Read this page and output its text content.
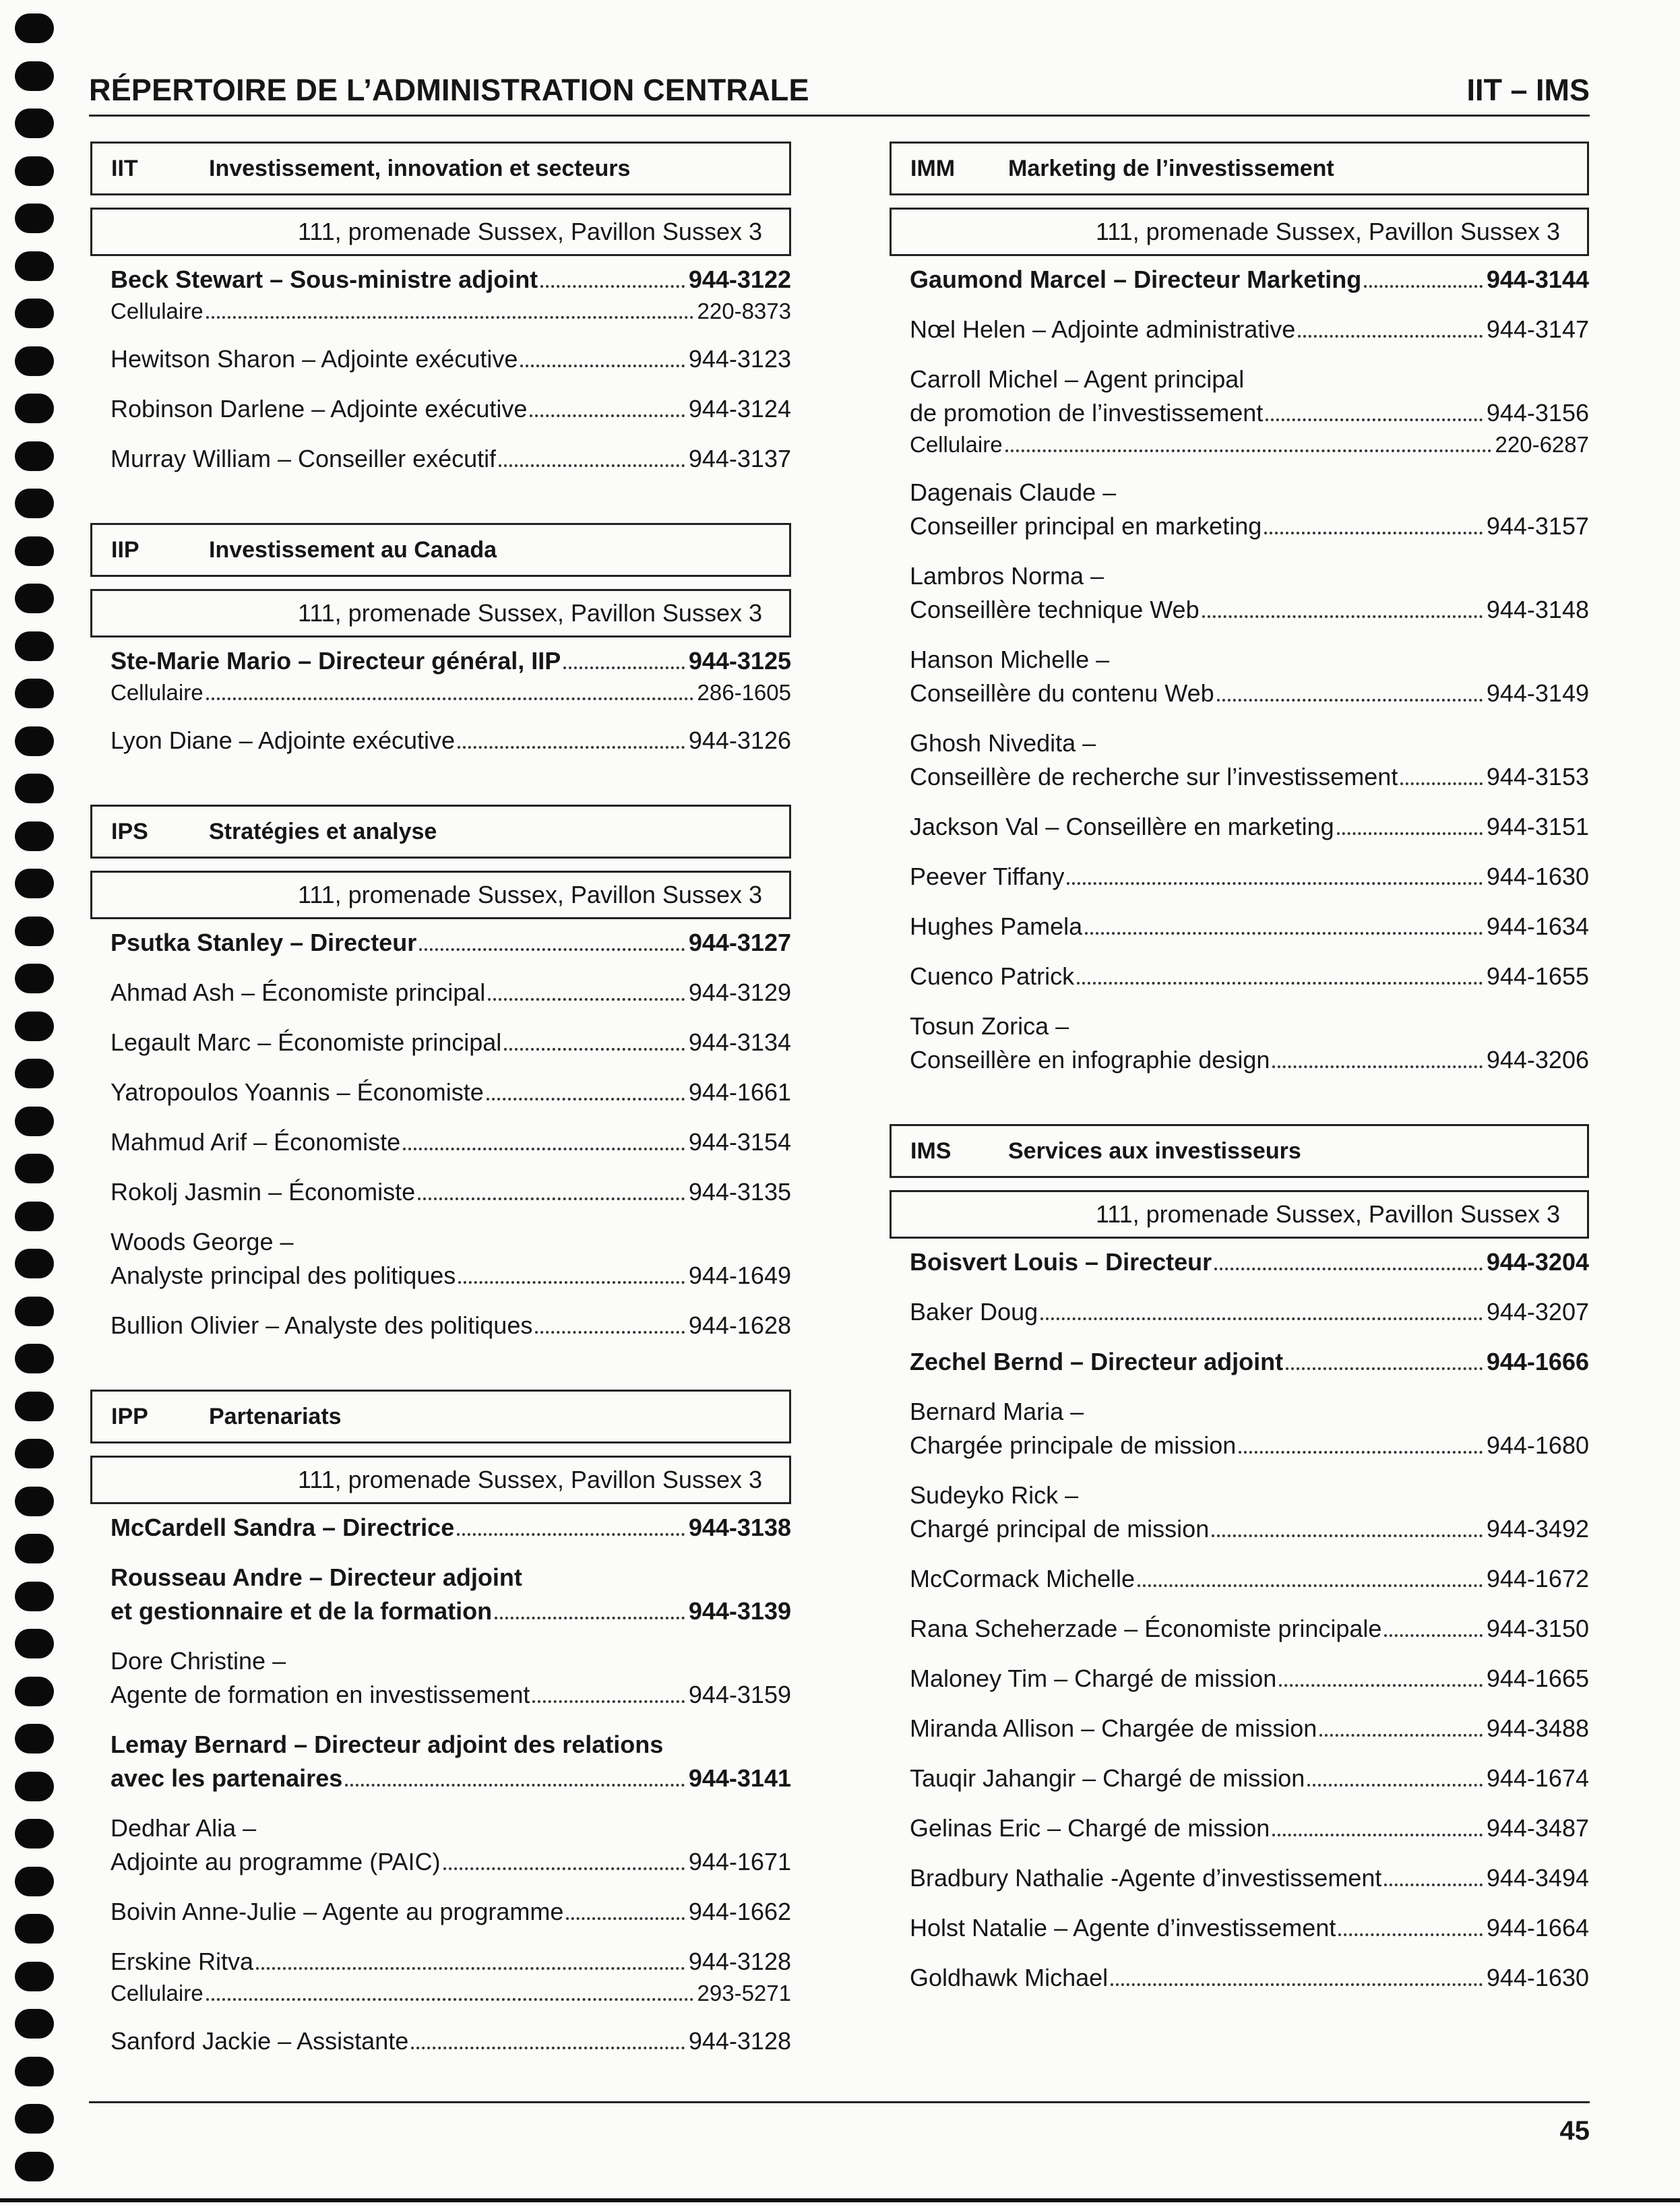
RÉPERTOIRE DE L’ADMINISTRATION CENTRALE	IIT – IMS
IIT	Investissement, innovation et secteurs
111, promenade Sussex, Pavillon Sussex 3
Beck Stewart – Sous-ministre adjoint	944-3122
Cellulaire	220-8373
Hewitson Sharon – Adjointe exécutive	944-3123
Robinson Darlene – Adjointe exécutive	944-3124
Murray William – Conseiller exécutif	944-3137
IIP	Investissement au Canada
111, promenade Sussex, Pavillon Sussex 3
Ste-Marie Mario – Directeur général, IIP	944-3125
Cellulaire	286-1605
Lyon Diane – Adjointe exécutive	944-3126
IPS	Stratégies et analyse
111, promenade Sussex, Pavillon Sussex 3
Psutka Stanley – Directeur	944-3127
Ahmad Ash – Économiste principal	944-3129
Legault Marc – Économiste principal	944-3134
Yatropoulos Yoannis – Économiste	944-1661
Mahmud Arif – Économiste	944-3154
Rokolj Jasmin – Économiste	944-3135
Woods George –
Analyste principal des politiques	944-1649
Bullion Olivier – Analyste des politiques	944-1628
IPP	Partenariats
111, promenade Sussex, Pavillon Sussex 3
McCardell Sandra – Directrice	944-3138
Rousseau Andre – Directeur adjoint
et gestionnaire et de la formation	944-3139
Dore Christine –
Agente de formation en investissement	944-3159
Lemay Bernard – Directeur adjoint des relations
avec les partenaires	944-3141
Dedhar Alia –
Adjointe au programme (PAIC)	944-1671
Boivin Anne-Julie – Agente au programme	944-1662
Erskine Ritva	944-3128
Cellulaire	293-5271
Sanford Jackie – Assistante	944-3128
IMM	Marketing de l’investissement
111, promenade Sussex, Pavillon Sussex 3
Gaumond Marcel – Directeur Marketing	944-3144
Nœl Helen – Adjointe administrative	944-3147
Carroll Michel – Agent principal
de promotion de l’investissement	944-3156
Cellulaire	220-6287
Dagenais Claude –
Conseiller principal en marketing	944-3157
Lambros Norma –
Conseillère technique Web	944-3148
Hanson Michelle –
Conseillère du contenu Web	944-3149
Ghosh Nivedita –
Conseillère de recherche sur l’investissement	944-3153
Jackson Val – Conseillère en marketing	944-3151
Peever Tiffany	944-1630
Hughes Pamela	944-1634
Cuenco Patrick	944-1655
Tosun Zorica –
Conseillère en infographie design	944-3206
IMS	Services aux investisseurs
111, promenade Sussex, Pavillon Sussex 3
Boisvert Louis – Directeur	944-3204
Baker Doug	944-3207
Zechel Bernd – Directeur adjoint	944-1666
Bernard Maria –
Chargée principale de mission	944-1680
Sudeyko Rick –
Chargé principal de mission	944-3492
McCormack Michelle	944-1672
Rana Scheherzade – Économiste principale	944-3150
Maloney Tim – Chargé de mission	944-1665
Miranda Allison – Chargée de mission	944-3488
Tauqir Jahangir – Chargé de mission	944-1674
Gelinas Eric – Chargé de mission	944-3487
Bradbury Nathalie -Agente d’investissement	944-3494
Holst Natalie – Agente d’investissement	944-1664
Goldhawk Michael	944-1630
45
